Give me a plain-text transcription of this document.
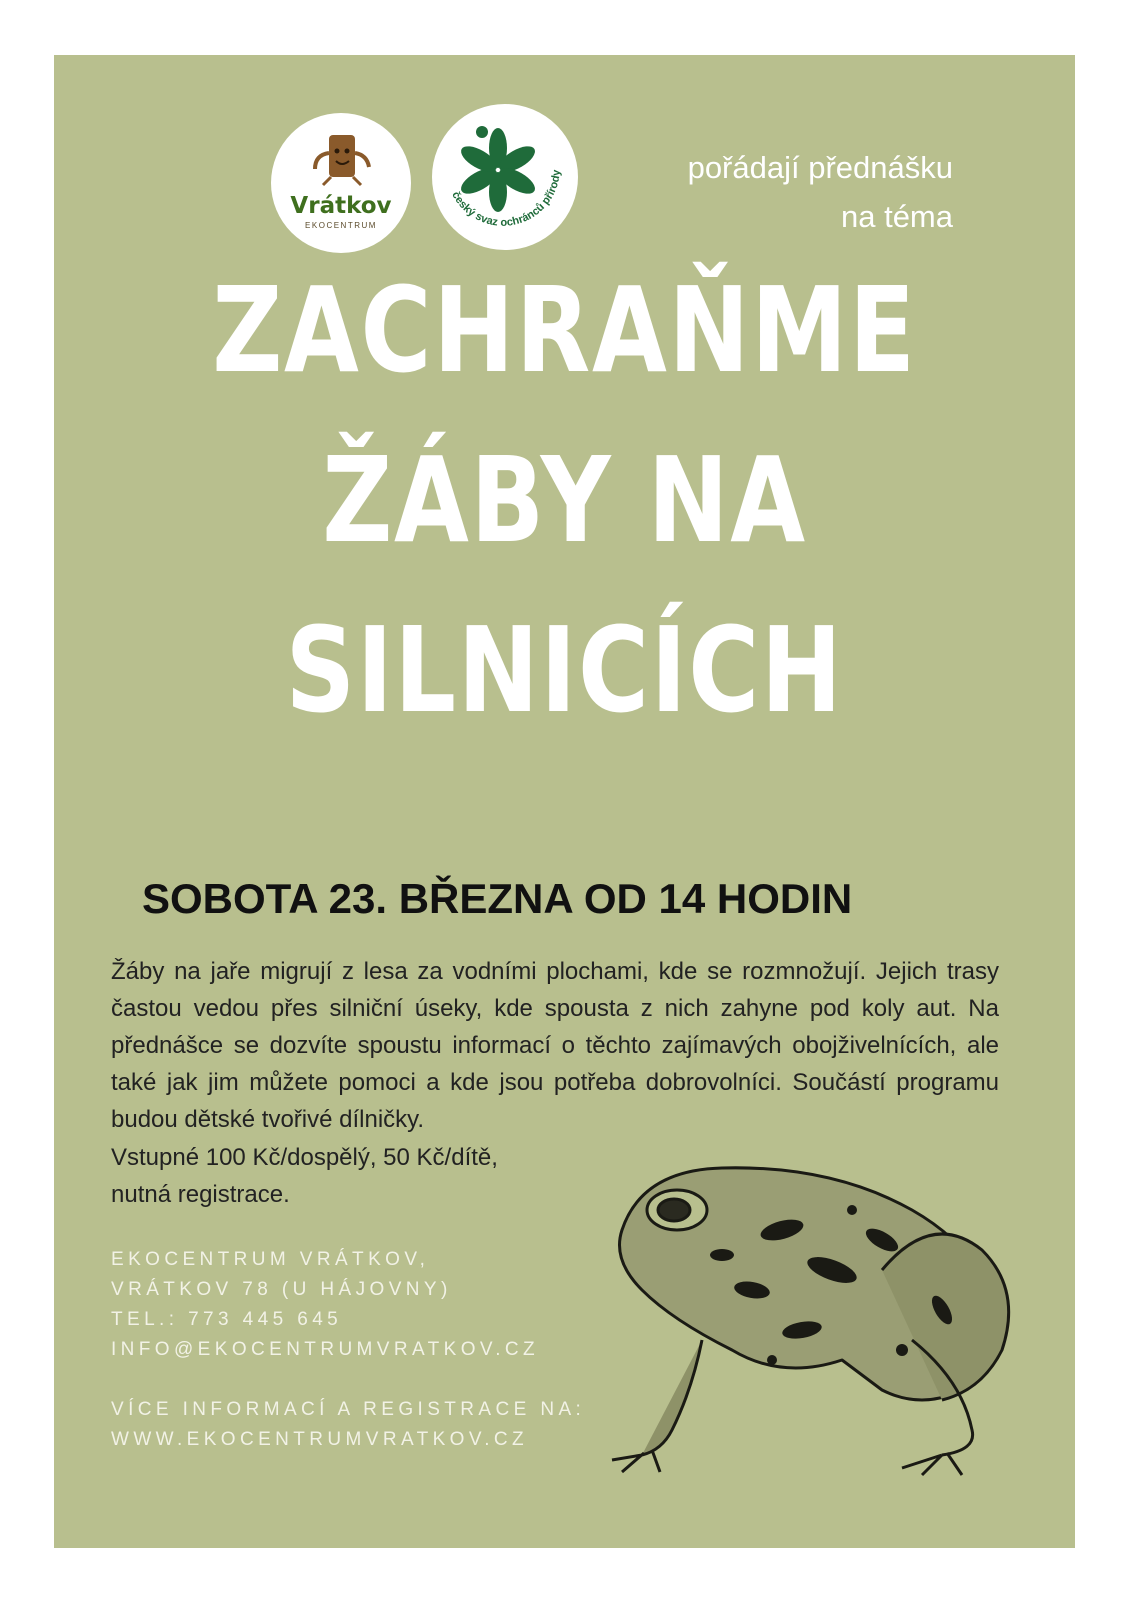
Vrátkov
EKOCENTRUM
český svaz ochránců přírody	pořádají přednášku
na téma
ZACHRAŇME
ŽÁBY NA
SILNICÍCH
SOBOTA 23. BŘEZNA OD 14 HODIN
Žáby na jaře migrují z lesa za vodními plochami, kde se rozmnožují. Jejich trasy častou vedou přes silniční úseky, kde spousta z nich zahyne pod koly aut. Na přednášce se dozvíte spoustu informací o těchto zajímavých obojživelnících, ale také jak jim můžete pomoci a kde jsou potřeba dobrovolníci. Součástí programu budou dětské tvořivé dílničky.
Vstupné 100 Kč/dospělý, 50 Kč/dítě,
nutná registrace.
EKOCENTRUM VRÁTKOV,
VRÁTKOV 78 (U HÁJOVNY)
TEL.: 773 445 645
INFO@EKOCENTRUMVRATKOV.CZ
VÍCE INFORMACÍ A REGISTRACE NA:
WWW.EKOCENTRUMVRATKOV.CZ
